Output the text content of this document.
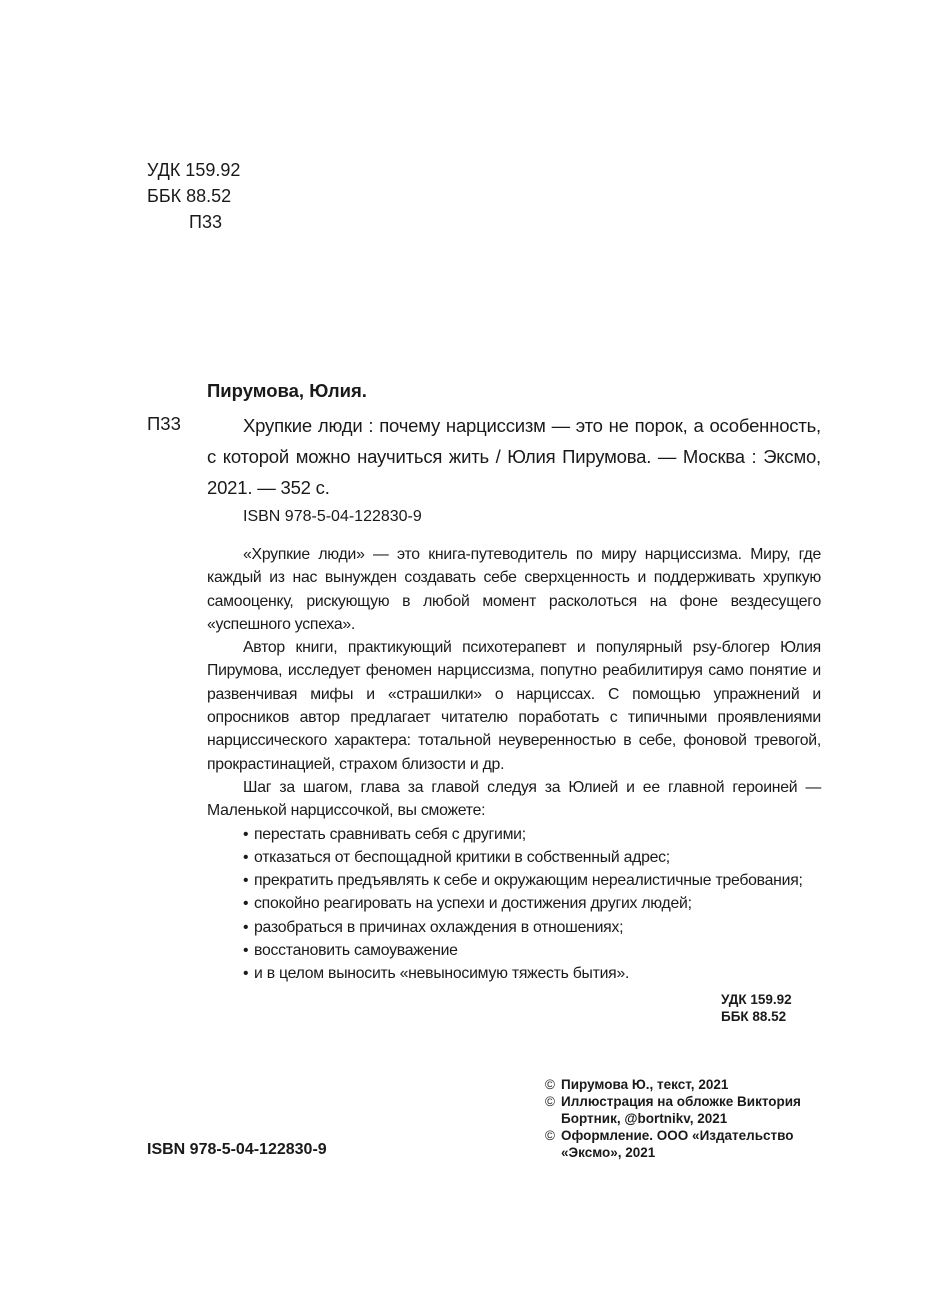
УДК 159.92
ББК 88.52
П33
Пирумова, Юлия.
П33	Хрупкие люди : почему нарциссизм — это не порок, а особенность, с которой можно научиться жить / Юлия Пирумова. — Москва : Эксмо, 2021. — 352 с.
ISBN 978-5-04-122830-9

«Хрупкие люди» — это книга-путеводитель по миру нарциссизма. Миру, где каждый из нас вынужден создавать себе сверхценность и поддерживать хрупкую самооценку, рискующую в любой момент расколоться на фоне вездесущего «успешного успеха».

Автор книги, практикующий психотерапевт и популярный psy-блогер Юлия Пирумова, исследует феномен нарциссизма, попутно реабилитируя само понятие и развенчивая мифы и «страшилки» о нарциссах. С помощью упражнений и опросников автор предлагает читателю поработать с типичными проявлениями нарциссического характера: тотальной неуверенностью в себе, фоновой тревогой, прокрастинацией, страхом близости и др.

Шаг за шагом, глава за главой следуя за Юлией и ее главной героиней — Маленькой нарциссочкой, вы сможете:

• перестать сравнивать себя с другими;
• отказаться от беспощадной критики в собственный адрес;
• прекратить предъявлять к себе и окружающим нереалистичные требования;
• спокойно реагировать на успехи и достижения других людей;
• разобраться в причинах охлаждения в отношениях;
• восстановить самоуважение
• и в целом выносить «невыносимую тяжесть бытия».
УДК 159.92
ББК 88.52
© Пирумова Ю., текст, 2021
© Иллюстрация на обложке Виктория Бортник, @bortnikv, 2021
© Оформление. ООО «Издательство «Эксмо», 2021
ISBN 978-5-04-122830-9
